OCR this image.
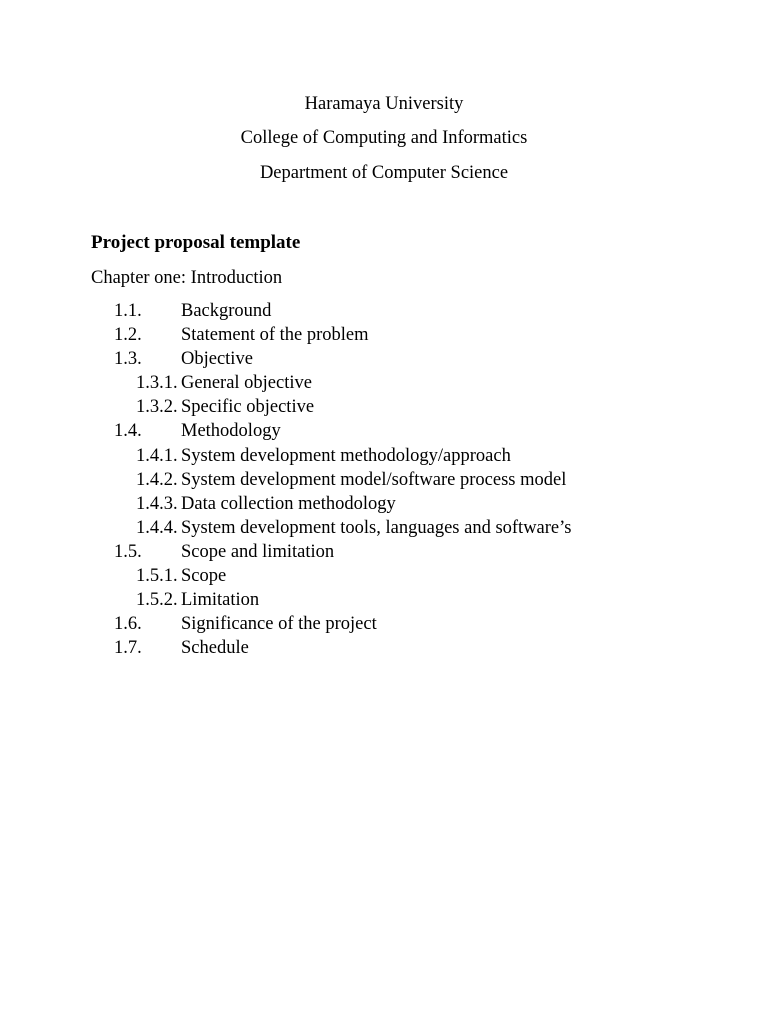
Haramaya University
College of Computing and Informatics
Department of Computer Science
Project proposal template
Chapter one: Introduction
1.1. Background
1.2. Statement of the problem
1.3. Objective
1.3.1. General objective
1.3.2. Specific objective
1.4. Methodology
1.4.1. System development methodology/approach
1.4.2. System development model/software process model
1.4.3. Data collection methodology
1.4.4. System development tools, languages and software’s
1.5. Scope and limitation
1.5.1. Scope
1.5.2. Limitation
1.6. Significance of the project
1.7. Schedule
